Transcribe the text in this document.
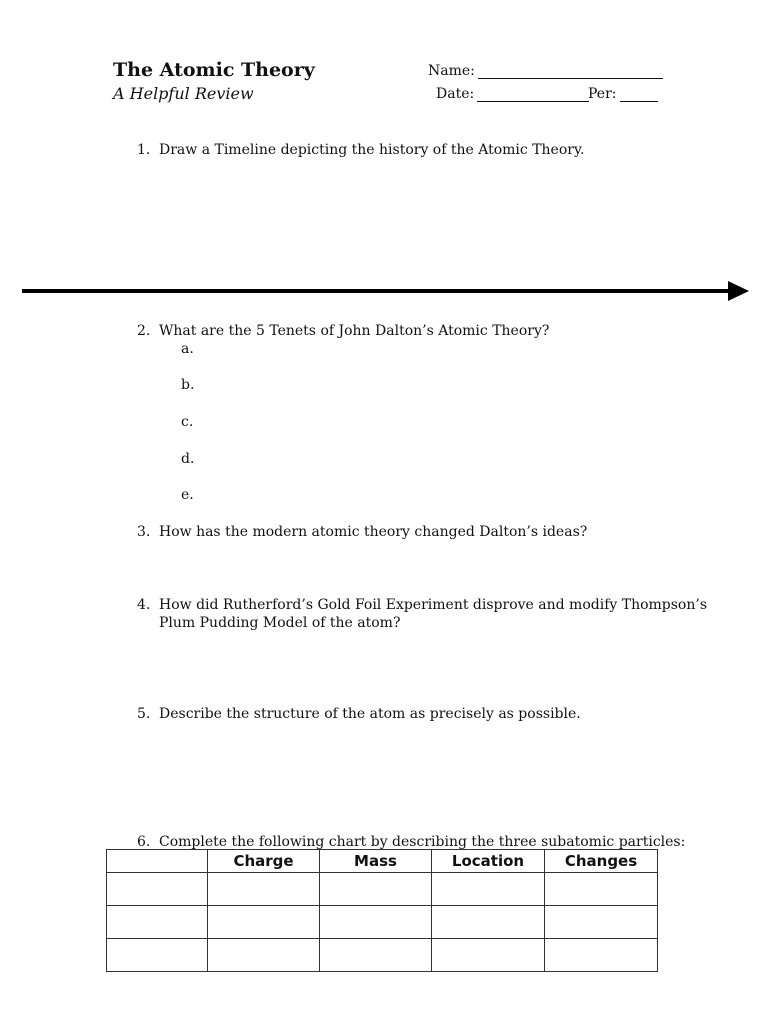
The Atomic Theory
A Helpful Review
Name:
Date:	Per:
1. Draw a Timeline depicting the history of the Atomic Theory.
2. What are the 5 Tenets of John Dalton’s Atomic Theory?
a.
b.
c.
d.
e.
3. How has the modern atomic theory changed Dalton’s ideas?
4. How did Rutherford’s Gold Foil Experiment disprove and modify Thompson’s
Plum Pudding Model of the atom?
5. Describe the structure of the atom as precisely as possible.
6. Complete the following chart by describing the three subatomic particles:
	Charge	Mass	Location	Changes
